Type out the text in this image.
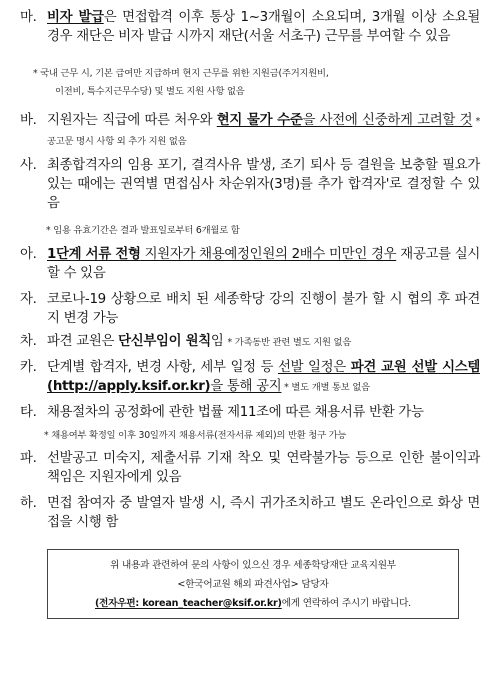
마. 비자 발급은 면접합격 이후 통상 1~3개월이 소요되며, 3개월 이상 소요될 경우 재단은 비자 발급 시까지 재단(서울 서초구) 근무를 부여할 수 있음
* 국내 근무 시, 기본 급여만 지급하며 현지 근무를 위한 지원금(주거지원비,
이전비, 특수지근무수당) 및 별도 지원 사항 없음
바. 지원자는 직급에 따른 처우와 현지 물가 수준을 사전에 신중하게 고려할 것 * 공고문 명시 사항 외 추가 지원 없음
사. 최종합격자의 임용 포기, 결격사유 발생, 조기 퇴사 등 결원을 보충할 필요가 있는 때에는 권역별 면접심사 차순위자(3명)를 추가 합격자'로 결정할 수 있음
* 임용 유효기간은 결과 발표일로부터 6개월로 함
아. 1단계 서류 전형 지원자가 채용예정인원의 2배수 미만인 경우 재공고를 실시 할 수 있음
자. 코로나-19 상황으로 배치 된 세종학당 강의 진행이 불가 할 시 협의 후 파견지 변경 가능
차. 파견 교원은 단신부임이 원칙임 * 가족동반 관련 별도 지원 없음
카. 단계별 합격자, 변경 사항, 세부 일정 등 선발 일정은 파견 교원 선발 시스템(http://apply.ksif.or.kr)을 통해 공지 * 별도 개별 통보 없음
타. 채용절차의 공정화에 관한 법률 제11조에 따른 채용서류 반환 가능
* 채용여부 확정일 이후 30일까지 채용서류(전자서류 제외)의 반환 청구 가능
파. 선발공고 미숙지, 제출서류 기재 착오 및 연락불가능 등으로 인한 불이익과 책임은 지원자에게 있음
하. 면접 참여자 중 발열자 발생 시, 즉시 귀가조치하고 별도 온라인으로 화상 면접을 시행 함
위 내용과 관련하여 문의 사항이 있으신 경우 세종학당재단 교육지원부
<한국어교원 해외 파견사업> 담당자
(전자우편: korean_teacher@ksif.or.kr)에게 연락하여 주시기 바랍니다.
